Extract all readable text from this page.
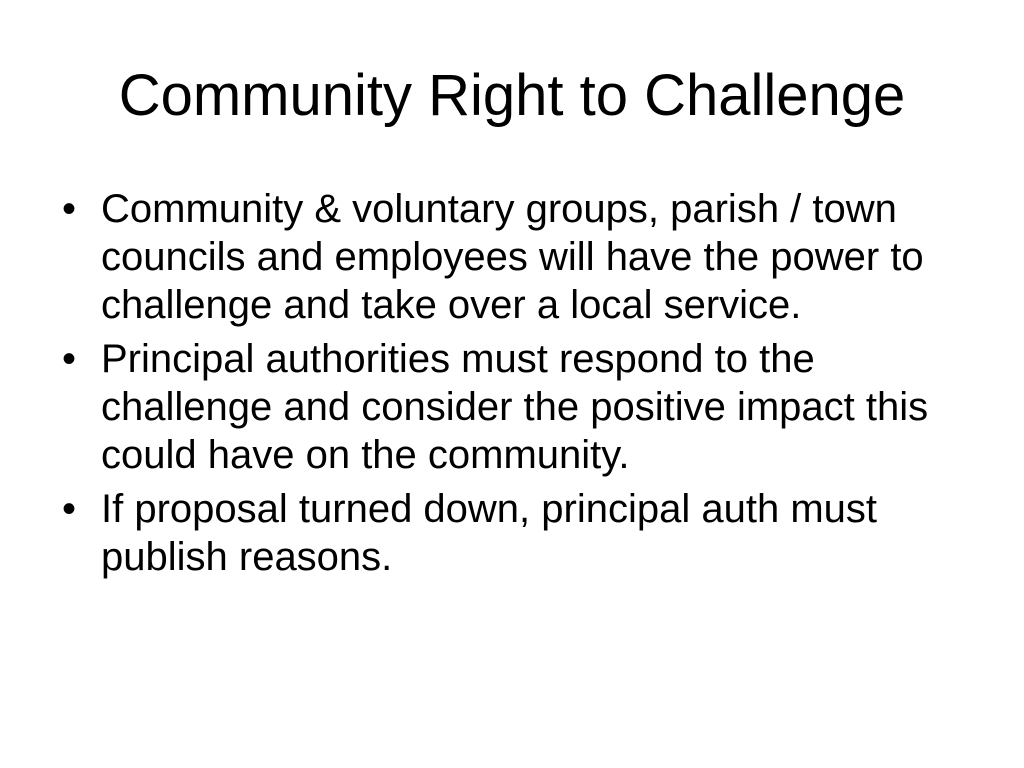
Community Right to Challenge
• Community & voluntary groups, parish / town councils and employees will have the power to challenge and take over a local service.
• Principal authorities must respond to the challenge and consider the positive impact this could have on the community.
• If proposal turned down, principal auth must publish reasons.
